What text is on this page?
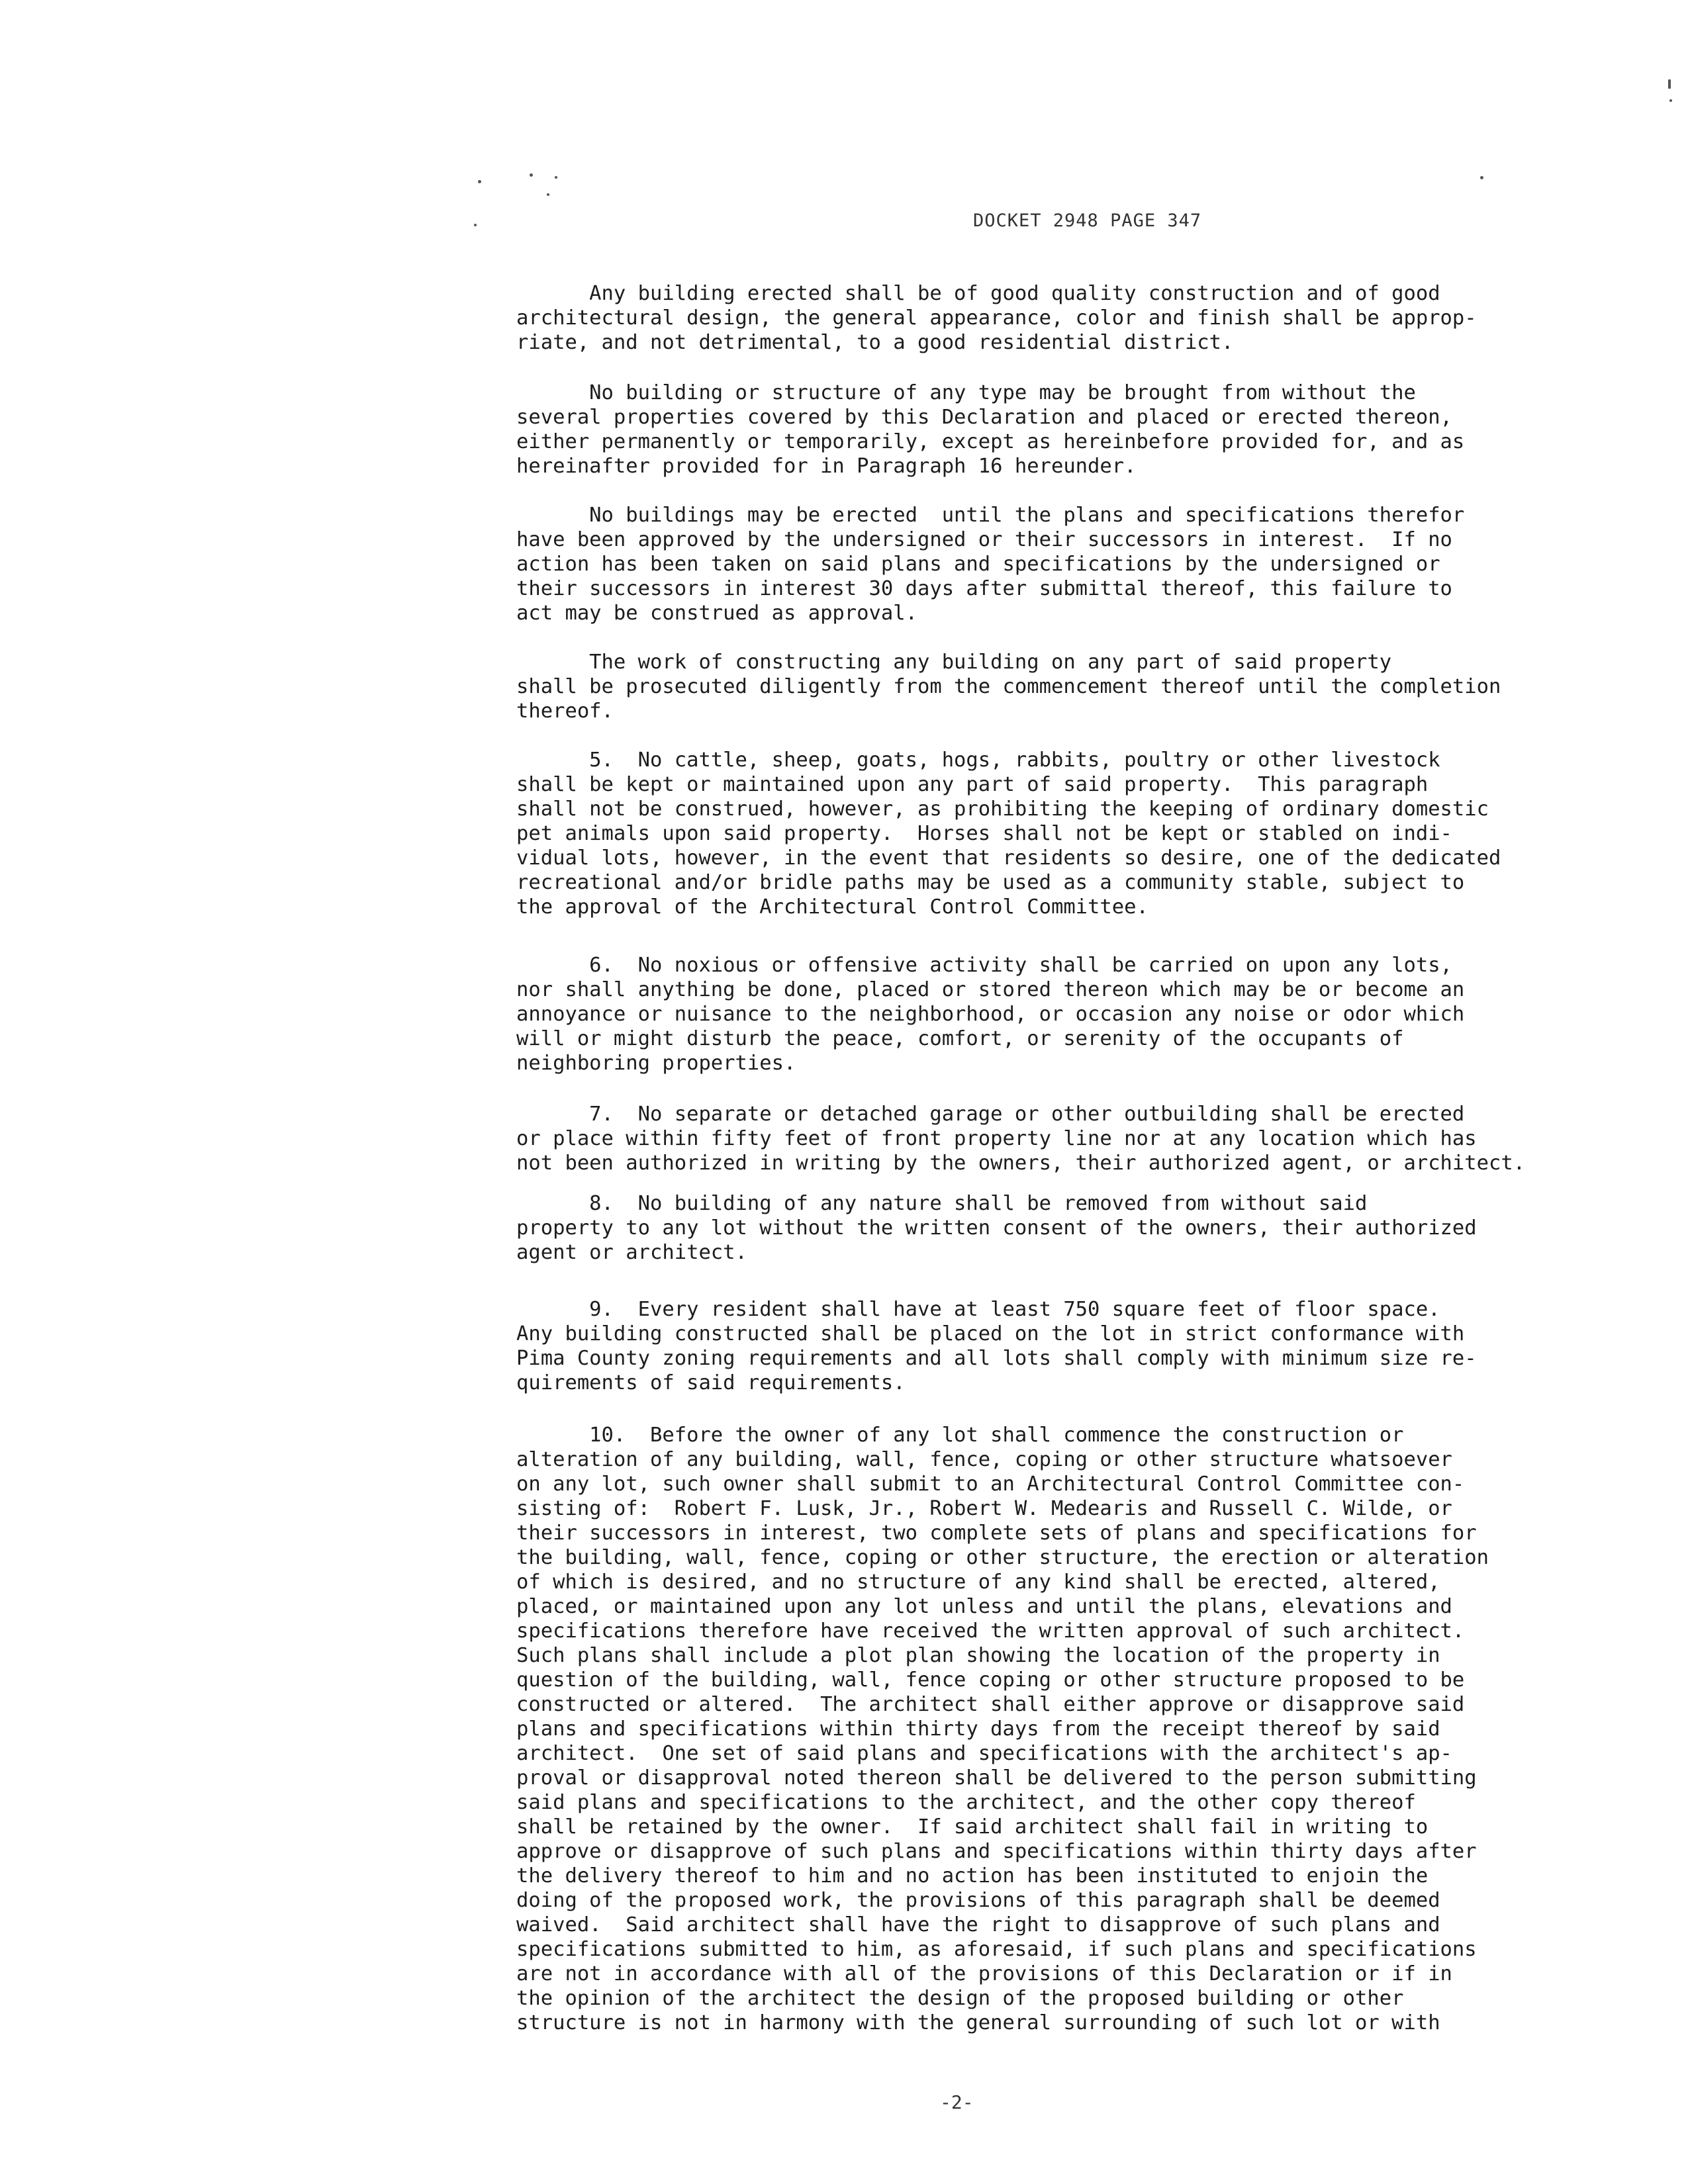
DOCKET 2948 PAGE 347
Any building erected shall be of good quality construction and of good
architectural design, the general appearance, color and finish shall be approp-
riate, and not detrimental, to a good residential district.
No building or structure of any type may be brought from without the
several properties covered by this Declaration and placed or erected thereon,
either permanently or temporarily, except as hereinbefore provided for, and as
hereinafter provided for in Paragraph 16 hereunder.
No buildings may be erected  until the plans and specifications therefor
have been approved by the undersigned or their successors in interest.  If no
action has been taken on said plans and specifications by the undersigned or
their successors in interest 30 days after submittal thereof, this failure to
act may be construed as approval.
The work of constructing any building on any part of said property
shall be prosecuted diligently from the commencement thereof until the completion
thereof.
5.  No cattle, sheep, goats, hogs, rabbits, poultry or other livestock
shall be kept or maintained upon any part of said property.  This paragraph
shall not be construed, however, as prohibiting the keeping of ordinary domestic
pet animals upon said property.  Horses shall not be kept or stabled on indi-
vidual lots, however, in the event that residents so desire, one of the dedicated
recreational and/or bridle paths may be used as a community stable, subject to
the approval of the Architectural Control Committee.
6.  No noxious or offensive activity shall be carried on upon any lots,
nor shall anything be done, placed or stored thereon which may be or become an
annoyance or nuisance to the neighborhood, or occasion any noise or odor which
will or might disturb the peace, comfort, or serenity of the occupants of
neighboring properties.
7.  No separate or detached garage or other outbuilding shall be erected
or place within fifty feet of front property line nor at any location which has
not been authorized in writing by the owners, their authorized agent, or architect.
8.  No building of any nature shall be removed from without said
property to any lot without the written consent of the owners, their authorized
agent or architect.
9.  Every resident shall have at least 750 square feet of floor space.
Any building constructed shall be placed on the lot in strict conformance with
Pima County zoning requirements and all lots shall comply with minimum size re-
quirements of said requirements.
10.  Before the owner of any lot shall commence the construction or
alteration of any building, wall, fence, coping or other structure whatsoever
on any lot, such owner shall submit to an Architectural Control Committee con-
sisting of:  Robert F. Lusk, Jr., Robert W. Medearis and Russell C. Wilde, or
their successors in interest, two complete sets of plans and specifications for
the building, wall, fence, coping or other structure, the erection or alteration
of which is desired, and no structure of any kind shall be erected, altered,
placed, or maintained upon any lot unless and until the plans, elevations and
specifications therefore have received the written approval of such architect.
Such plans shall include a plot plan showing the location of the property in
question of the building, wall, fence coping or other structure proposed to be
constructed or altered.  The architect shall either approve or disapprove said
plans and specifications within thirty days from the receipt thereof by said
architect.  One set of said plans and specifications with the architect's ap-
proval or disapproval noted thereon shall be delivered to the person submitting
said plans and specifications to the architect, and the other copy thereof
shall be retained by the owner.  If said architect shall fail in writing to
approve or disapprove of such plans and specifications within thirty days after
the delivery thereof to him and no action has been instituted to enjoin the
doing of the proposed work, the provisions of this paragraph shall be deemed
waived.  Said architect shall have the right to disapprove of such plans and
specifications submitted to him, as aforesaid, if such plans and specifications
are not in accordance with all of the provisions of this Declaration or if in
the opinion of the architect the design of the proposed building or other
structure is not in harmony with the general surrounding of such lot or with
-2-
